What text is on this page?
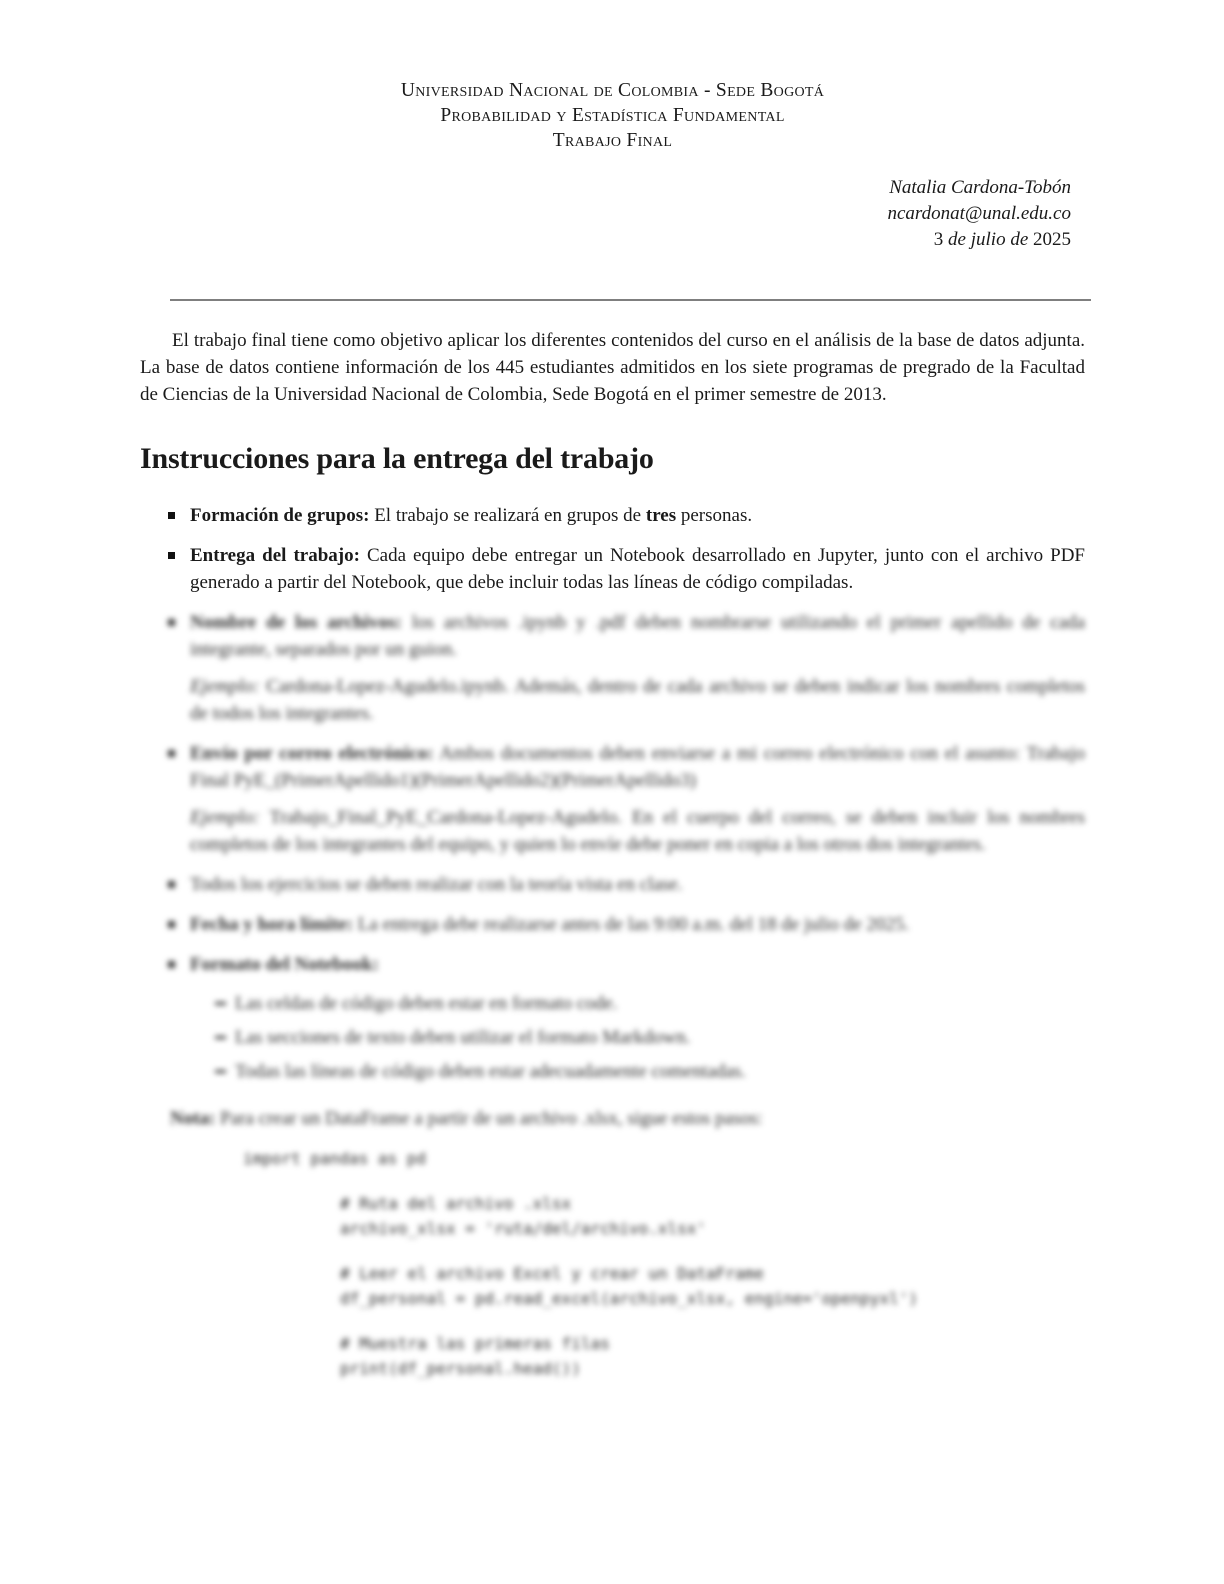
Universidad Nacional de Colombia - Sede Bogotá
Probabilidad y Estadística Fundamental
Trabajo Final
Natalia Cardona-Tobón
ncardonat@unal.edu.co
3 de julio de 2025

El trabajo final tiene como objetivo aplicar los diferentes contenidos del curso en el análisis de la base de datos adjunta. La base de datos contiene información de los 445 estudiantes admitidos en los siete programas de pregrado de la Facultad de Ciencias de la Universidad Nacional de Colombia, Sede Bogotá en el primer semestre de 2013.

Instrucciones para la entrega del trabajo
Formación de grupos: El trabajo se realizará en grupos de tres personas.
Entrega del trabajo: Cada equipo debe entregar un Notebook desarrollado en Jupyter, junto con el archivo PDF generado a partir del Notebook, que debe incluir todas las líneas de código compiladas.
Nombre de los archivos: los archivos .ipynb y .pdf deben nombrarse utilizando el primer apellido de cada integrante, separados por un guion.
Ejemplo: Cardona-Lopez-Agudelo.ipynb. Además, dentro de cada archivo se deben indicar los nombres completos de todos los integrantes.
Envío por correo electrónico: Ambos documentos deben enviarse a mi correo electrónico con el asunto: Trabajo Final PyE_(PrimerApellido1)(PrimerApellido2)(PrimerApellido3)
Ejemplo: Trabajo_Final_PyE_Cardona-Lopez-Agudelo. En el cuerpo del correo, se deben incluir los nombres completos de los integrantes del equipo, y quien lo envíe debe poner en copia a los otros dos integrantes.
Todos los ejercicios se deben realizar con la teoría vista en clase.
Fecha y hora límite: La entrega debe realizarse antes de las 9:00 a.m. del 18 de julio de 2025.
Formato del Notebook:
Las celdas de código deben estar en formato code.
Las secciones de texto deben utilizar el formato Markdown.
Todas las líneas de código deben estar adecuadamente comentadas.
Nota: Para crear un DataFrame a partir de un archivo .xlsx, sigue estos pasos:
import pandas as pd
# Ruta del archivo .xlsx
archivo_xlsx = 'ruta/del/archivo.xlsx'
# Leer el archivo Excel y crear un DataFrame
df_personal = pd.read_excel(archivo_xlsx, engine='openpyxl')
# Muestra las primeras filas
print(df_personal.head())
